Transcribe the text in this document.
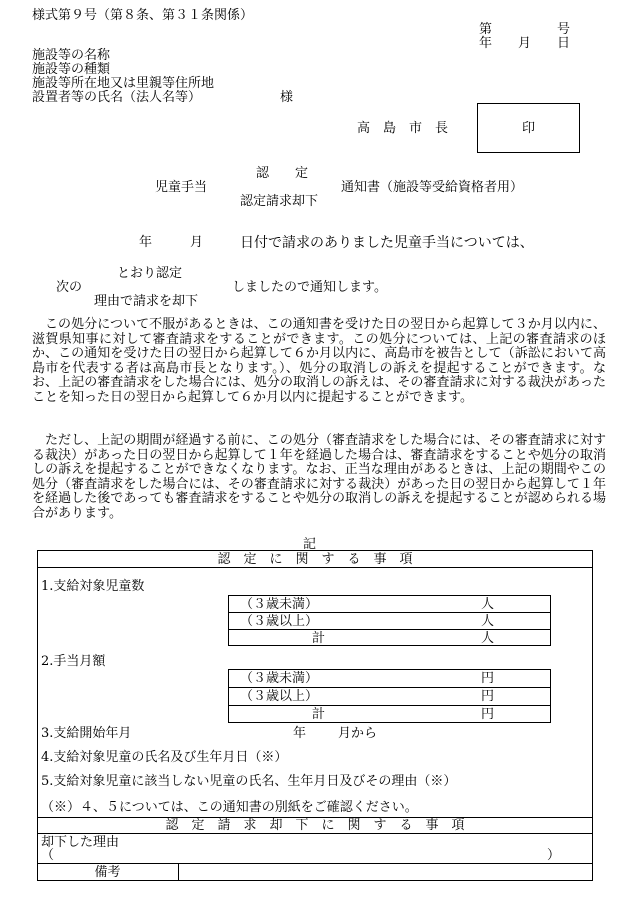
様式第９号（第８条、第３１条関係）
第　　　　　号
年　　月　　日
施設等の名称
施設等の種類
施設等所在地又は里親等住所地
設置者等の氏名（法人名等）	様
高　島　市　長	印
認　　定
児童手当	通知書（施設等受給資格者用）
認定請求却下
年	月	日付で請求のありました児童手当については、
とおり認定
次の	しましたので通知します。
理由で請求を却下
この処分について不服があるときは、この通知書を受けた日の翌日から起算して３か月以内に、滋賀県知事に対して審査請求をすることができます。この処分については、上記の審査請求のほか、この通知を受けた日の翌日から起算して６か月以内に、高島市を被告として（訴訟において高島市を代表する者は高島市長となります。）、処分の取消しの訴えを提起することができます。なお、上記の審査請求をした場合には、処分の取消しの訴えは、その審査請求に対する裁決があったことを知った日の翌日から起算して６か月以内に提起することができます。
ただし、上記の期間が経過する前に、この処分（審査請求をした場合には、その審査請求に対する裁決）があった日の翌日から起算して１年を経過した場合は、審査請求をすることや処分の取消しの訴えを提起することができなくなります。なお、正当な理由があるときは、上記の期間やこの処分（審査請求をした場合には、その審査請求に対する裁決）があった日の翌日から起算して１年を経過した後であっても審査請求をすることや処分の取消しの訴えを提起することが認められる場合があります。
記
認　定　に　関　す　る　事　項
1.支給対象児童数
（３歳未満）	人
（３歳以上）	人
計	人
2.手当月額
（３歳未満）	円
（３歳以上）	円
計	円
3.支給開始年月	年 月から
4.支給対象児童の氏名及び生年月日（※）
5.支給対象児童に該当しない児童の氏名、生年月日及びその理由（※）
（※）４、５については、この通知書の別紙をご確認ください。
認　定　請　求　却　下　に　関　す　る　事　項
却下した理由
（	）
備考
